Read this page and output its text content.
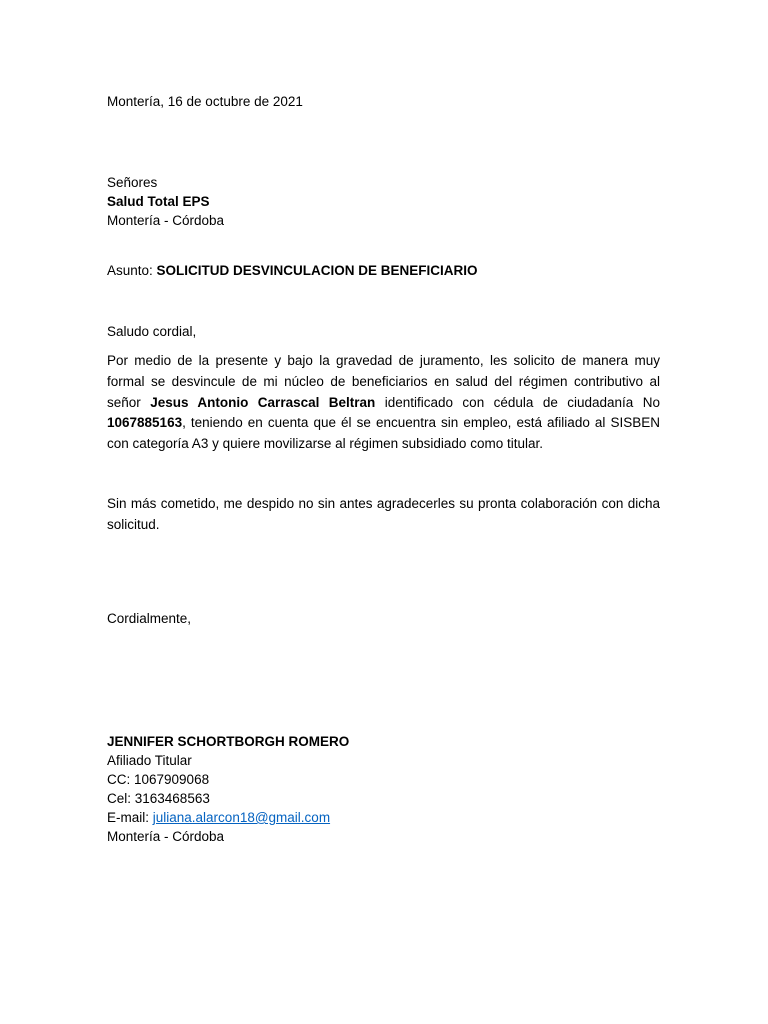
Montería, 16 de octubre de 2021
Señores
Salud Total EPS
Montería - Córdoba
Asunto: SOLICITUD DESVINCULACION DE BENEFICIARIO
Saludo cordial,
Por medio de la presente y bajo la gravedad de juramento, les solicito de manera muy formal se desvincule de mi núcleo de beneficiarios en salud del régimen contributivo al señor Jesus Antonio Carrascal Beltran identificado con cédula de ciudadanía No 1067885163, teniendo en cuenta que él se encuentra sin empleo, está afiliado al SISBEN con categoría A3 y quiere movilizarse al régimen subsidiado como titular.
Sin más cometido, me despido no sin antes agradecerles su pronta colaboración con dicha solicitud.
Cordialmente,
JENNIFER SCHORTBORGH ROMERO
Afiliado Titular
CC: 1067909068
Cel: 3163468563
E-mail: juliana.alarcon18@gmail.com
Montería - Córdoba
